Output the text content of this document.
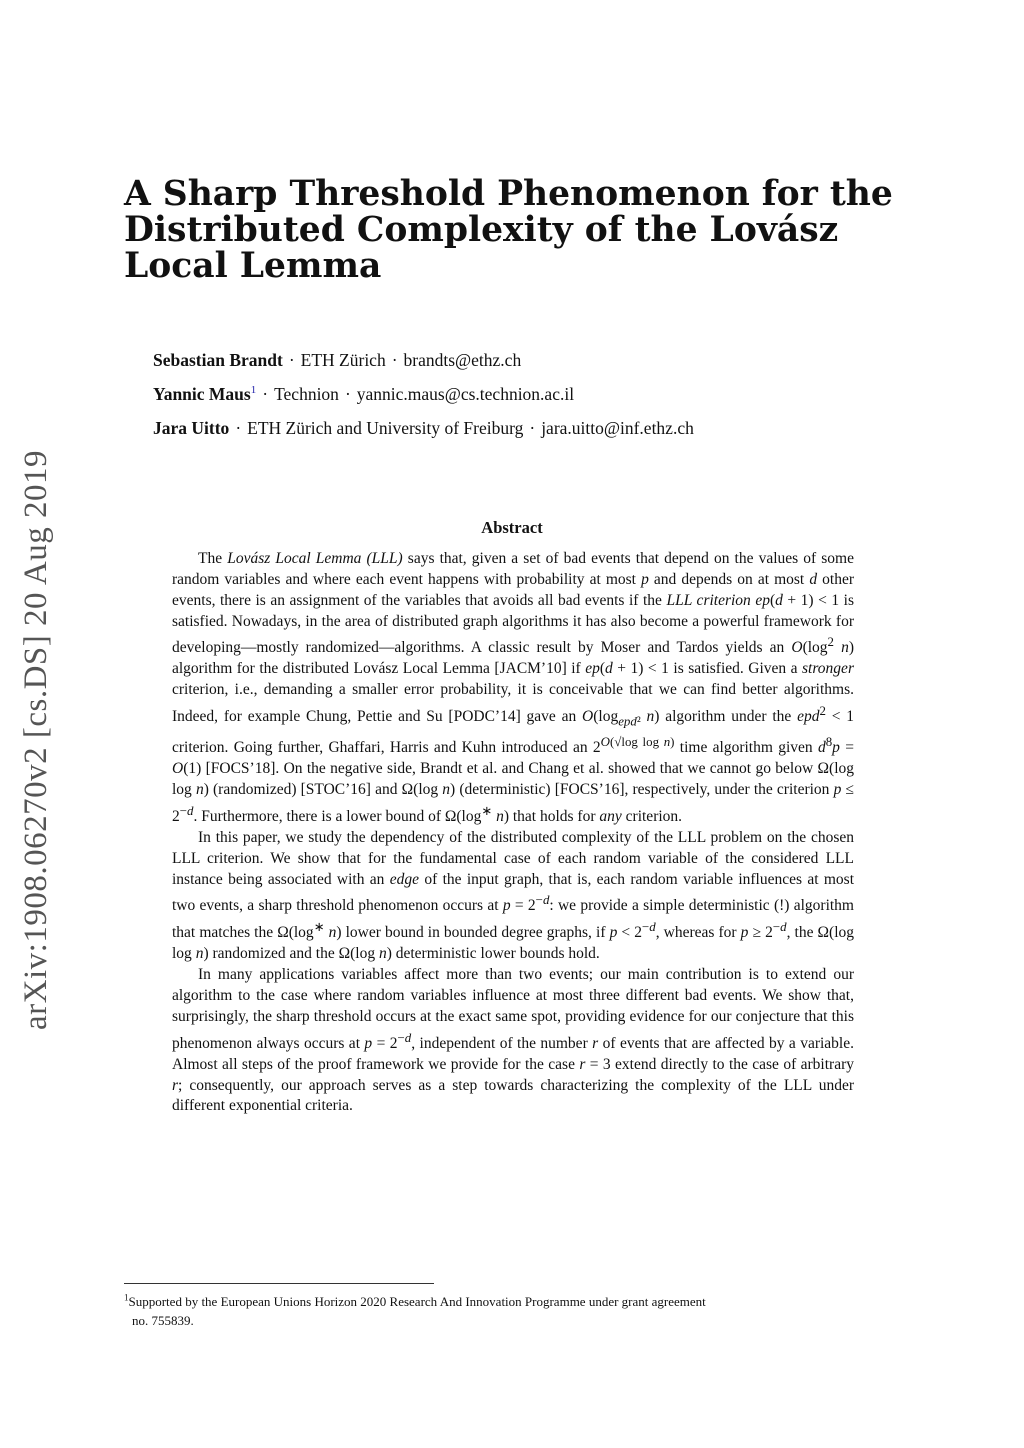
arXiv:1908.06270v2 [cs.DS] 20 Aug 2019
A Sharp Threshold Phenomenon for the Distributed Complexity of the Lovász Local Lemma
Sebastian Brandt · ETH Zürich · brandts@ethz.ch
Yannic Maus$^1$ · Technion · yannic.maus@cs.technion.ac.il
Jara Uitto · ETH Zürich and University of Freiburg · jara.uitto@inf.ethz.ch
Abstract

The Lovász Local Lemma (LLL) says that, given a set of bad events that depend on the values of some random variables and where each event happens with probability at most p and depends on at most d other events, there is an assignment of the variables that avoids all bad events if the LLL criterion ep(d + 1) < 1 is satisfied. Nowadays, in the area of distributed graph algorithms it has also become a powerful framework for developing—mostly randomized—algorithms. A classic result by Moser and Tardos yields an $O(\log^2$ n) algorithm for the distributed Lovász Local Lemma [JACM’10] if ep(d + 1) < 1 is satisfied. Given a stronger criterion, i.e., demanding a smaller error probability, it is conceivable that we can find better algorithms. Indeed, for example Chung, Pettie and Su [PODC’14] gave an $O(\log_{epd^2}$ n) algorithm under the epd$^2$ < 1 criterion. Going further, Ghaffari, Harris and Kuhn introduced an $2^{O(√log log n)}$ time algorithm given $d^8p = O(1)$ [FOCS’18]. On the negative side, Brandt et al. and Chang et al. showed that we cannot go below Ω(log log n) (randomized) [STOC’16] and Ω(log n) (deterministic) [FOCS’16], respectively, under the criterion $p \le 2^{-d}$. Furthermore, there is a lower bound of Ω(log∗ n) that holds for any criterion.

In this paper, we study the dependency of the distributed complexity of the LLL problem on the chosen LLL criterion. We show that for the fundamental case of each random variable of the considered LLL instance being associated with an edge of the input graph, that is, each random variable influences at most two events, a sharp threshold phenomenon occurs at $p = 2^{-d}$: we provide a simple deterministic (!) algorithm that matches the Ω(log∗ n) lower bound in bounded degree graphs, if $p < 2^{-d}$, whereas for $p \ge 2^{-d}$, the Ω(log log n) randomized and the Ω(log n) deterministic lower bounds hold.

In many applications variables affect more than two events; our main contribution is to extend our algorithm to the case where random variables influence at most three different bad events. We show that, surprisingly, the sharp threshold occurs at the exact same spot, providing evidence for our conjecture that this phenomenon always occurs at $p = 2^{-d}$, independent of the number r of events that are affected by a variable. Almost all steps of the proof framework we provide for the case r = 3 extend directly to the case of arbitrary r; consequently, our approach serves as a step towards characterizing the complexity of the LLL under different exponential criteria.

$^1$Supported by the European Unions Horizon 2020 Research And Innovation Programme under grant agreement
no. 755839.
